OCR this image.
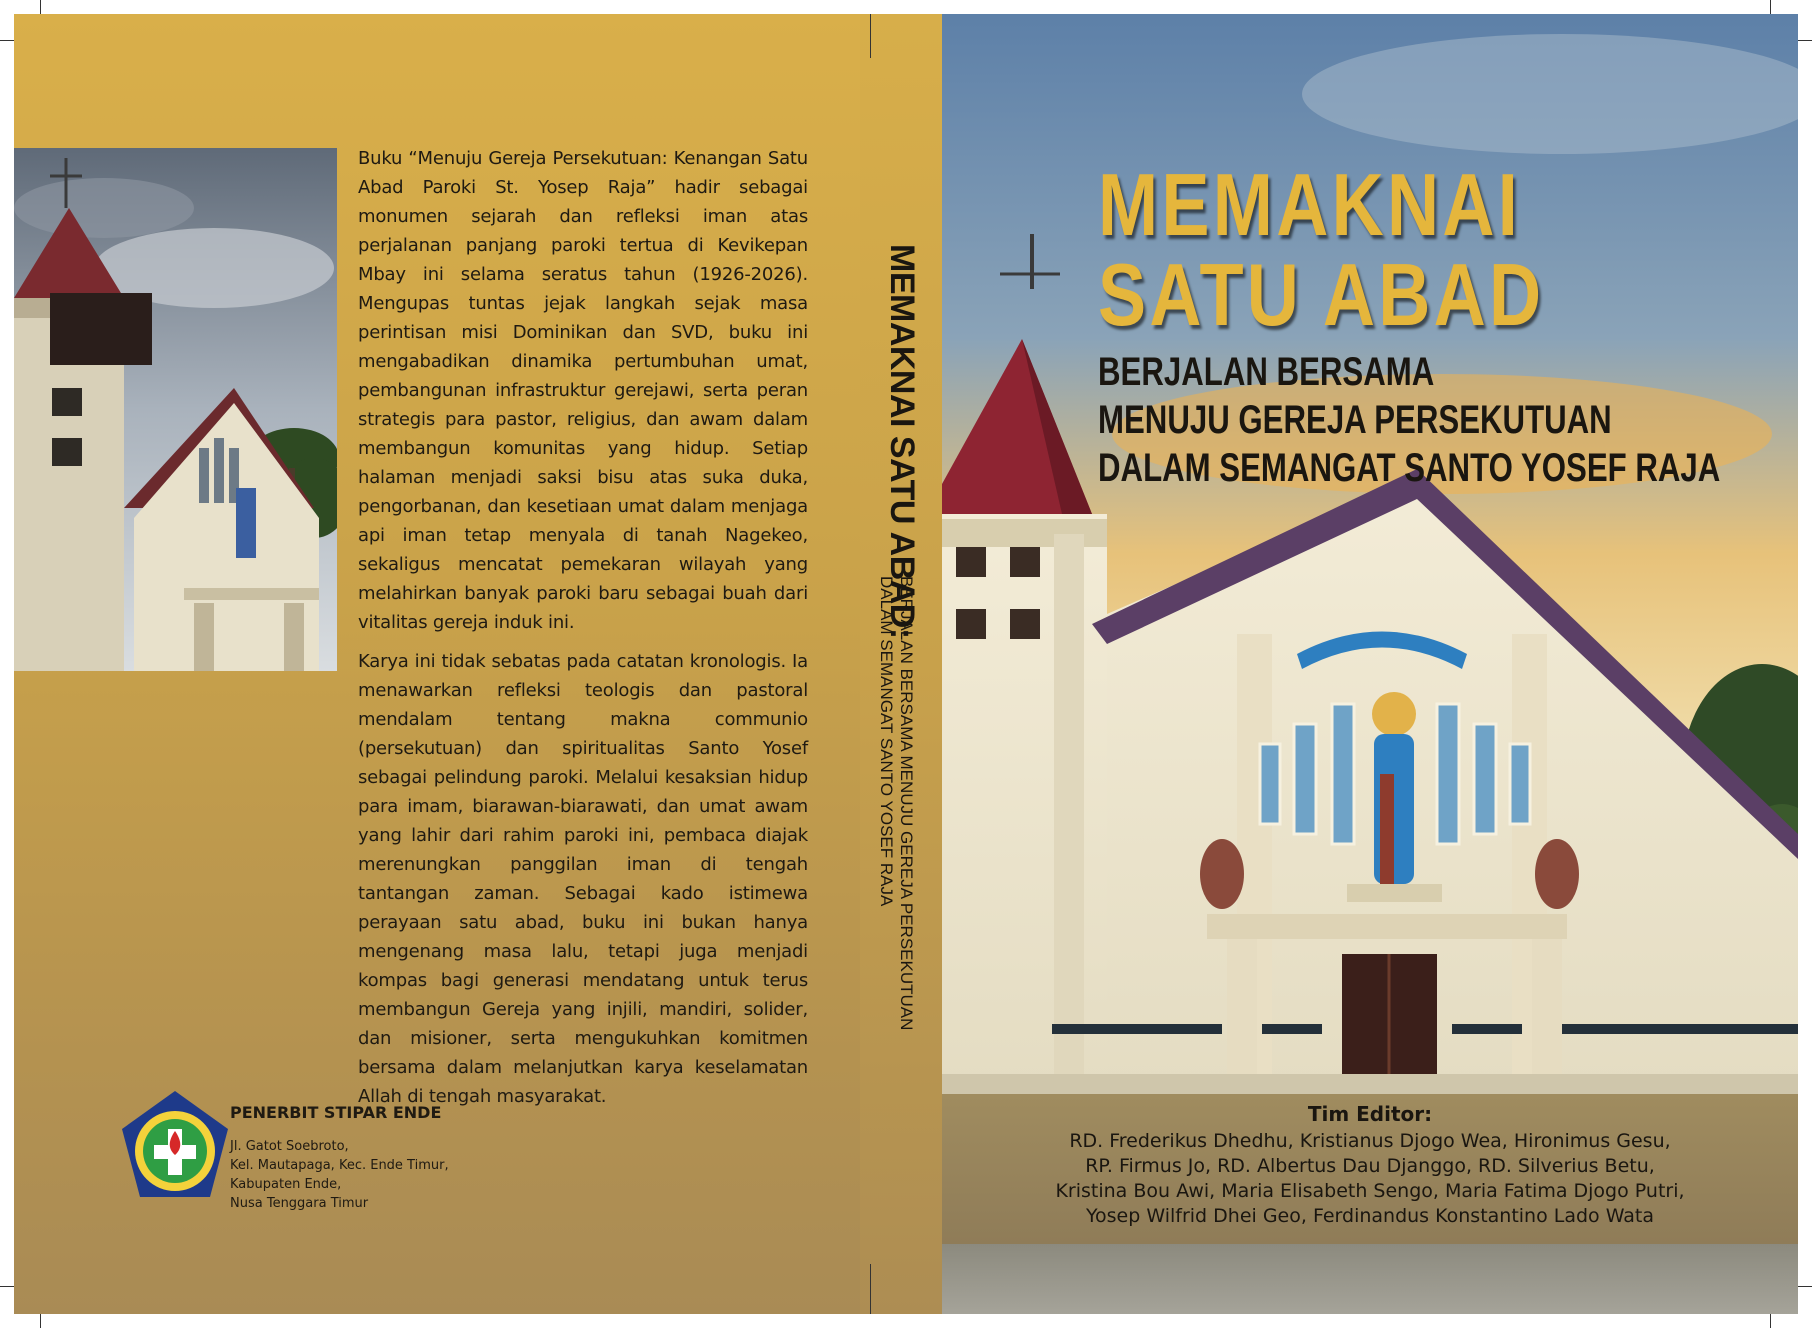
Buku “Menuju Gereja Persekutuan: Kenangan Satu Abad Paroki St. Yosep Raja” hadir sebagai monumen sejarah dan refleksi iman atas perjalanan panjang paroki tertua di Kevikepan Mbay ini selama seratus tahun (1926-2026). Mengupas tuntas jejak langkah sejak masa perintisan misi Dominikan dan SVD, buku ini mengabadikan dinamika pertumbuhan umat, pembangunan infrastruktur gerejawi, serta peran strategis para pastor, religius, dan awam dalam membangun komunitas yang hidup. Setiap halaman menjadi saksi bisu atas suka duka, pengorbanan, dan kesetiaan umat dalam menjaga api iman tetap menyala di tanah Nagekeo, sekaligus mencatat pemekaran wilayah yang melahirkan banyak paroki baru sebagai buah dari vitalitas gereja induk ini.

Karya ini tidak sebatas pada catatan kronologis. Ia menawarkan refleksi teologis dan pastoral mendalam tentang makna communio (persekutuan) dan spiritualitas Santo Yosef sebagai pelindung paroki. Melalui kesaksian hidup para imam, biarawan-biarawati, dan umat awam yang lahir dari rahim paroki ini, pembaca diajak merenungkan panggilan iman di tengah tantangan zaman. Sebagai kado istimewa perayaan satu abad, buku ini bukan hanya mengenang masa lalu, tetapi juga menjadi kompas bagi generasi mendatang untuk terus membangun Gereja yang injili, mandiri, solider, dan misioner, serta mengukuhkan komitmen bersama dalam melanjutkan karya keselamatan Allah di tengah masyarakat.

PENERBIT STIPAR ENDE
Jl. Gatot Soebroto,
Kel. Mautapaga, Kec. Ende Timur,
Kabupaten Ende,
Nusa Tenggara Timur
MEMAKNAI SATU ABAD:
BERJALAN BERSAMA MENUJU GEREJA PERSEKUTUAN
DALAM SEMANGAT SANTO YOSEF RAJA
MEMAKNAI
SATU ABAD
BERJALAN BERSAMA
MENUJU GEREJA PERSEKUTUAN
DALAM SEMANGAT SANTO YOSEF RAJA
Tim Editor:
RD. Frederikus Dhedhu, Kristianus Djogo Wea, Hironimus Gesu,
RP. Firmus Jo, RD. Albertus Dau Djanggo, RD. Silverius Betu,
Kristina Bou Awi, Maria Elisabeth Sengo, Maria Fatima Djogo Putri,
Yosep Wilfrid Dhei Geo, Ferdinandus Konstantino Lado Wata
